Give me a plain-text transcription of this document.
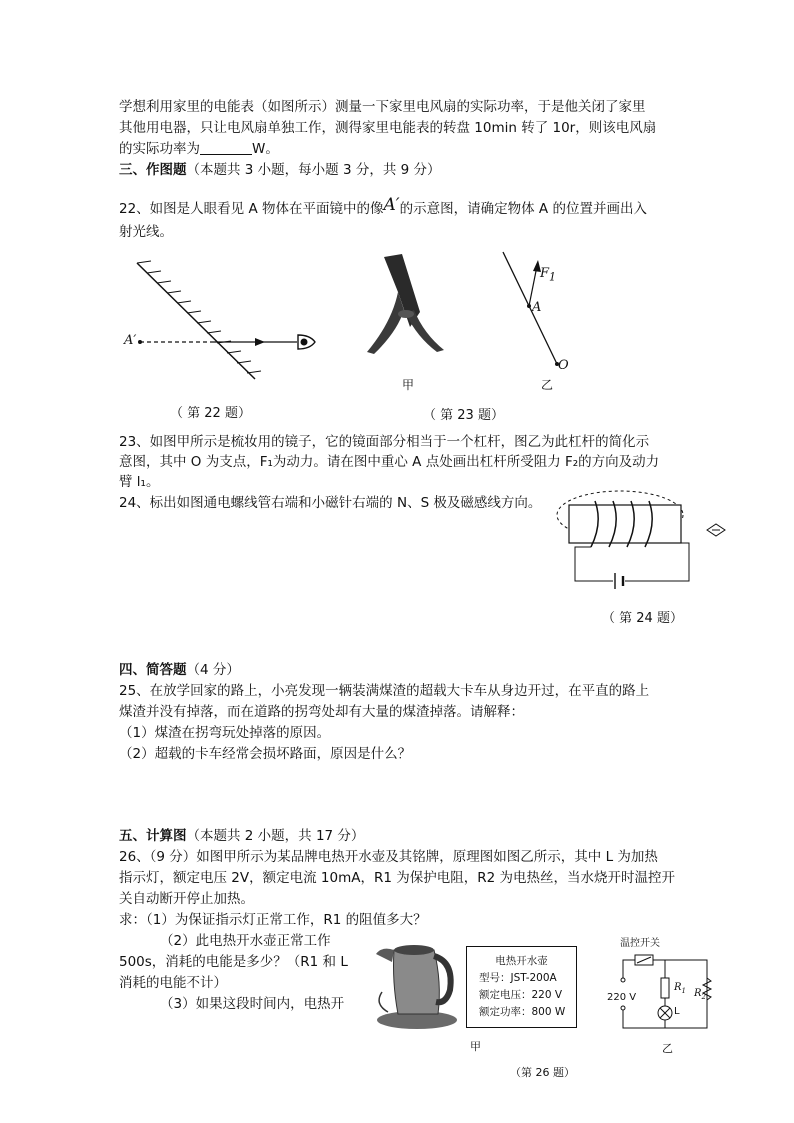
学想利用家里的电能表（如图所示）测量一下家里电风扇的实际功率，于是他关闭了家里
其他用电器，只让电风扇单独工作，测得家里电能表的转盘 10min 转了 10r，则该电风扇
的实际功率为	W。
三、作图题（本题共 3 小题，每小题 3 分，共 9 分）
22、如图是人眼看见 A 物体在平面镜中的像A′的示意图，请确定物体 A 的位置并画出入
射光线。
A′
（ 第 22 题）
甲
$F_1$
A
O
乙
（ 第 23 题）
23、如图甲所示是梳妆用的镜子，它的镜面部分相当于一个杠杆，图乙为此杠杆的简化示
意图，其中 O 为支点，F₁为动力。请在图中重心 A 点处画出杠杆所受阻力 F₂的方向及动力
臂 l₁。
24、标出如图通电螺线管右端和小磁针右端的 N、S 极及磁感线方向。
（ 第 24 题）
四、简答题（4 分）
25、在放学回家的路上，小亮发现一辆装满煤渣的超载大卡车从身边开过，在平直的路上
煤渣并没有掉落，而在道路的拐弯处却有大量的煤渣掉落。请解释：
（1）煤渣在拐弯玩处掉落的原因。
（2）超载的卡车经常会损坏路面，原因是什么？
五、计算图（本题共 2 小题，共 17 分）
26、（9 分）如图甲所示为某品牌电热开水壶及其铭牌，原理图如图乙所示，其中 L 为加热
指示灯，额定电压 2V，额定电流 10mA，R1 为保护电阻，R2 为电热丝，当水烧开时温控开
关自动断开停止加热。
求：（1）为保证指示灯正常工作，R1 的阻值多大？
（2）此电热开水壶正常工作
500s，消耗的电能是多少？（R1 和 L
消耗的电能不计）
（3）如果这段时间内，电热开
电热开水壶
型号：JST-200A
额定电压：220 V
额定功率：800 W
甲
温控开关
220 V
$R_1$ $R_2$
L
乙
（第 26 题）
